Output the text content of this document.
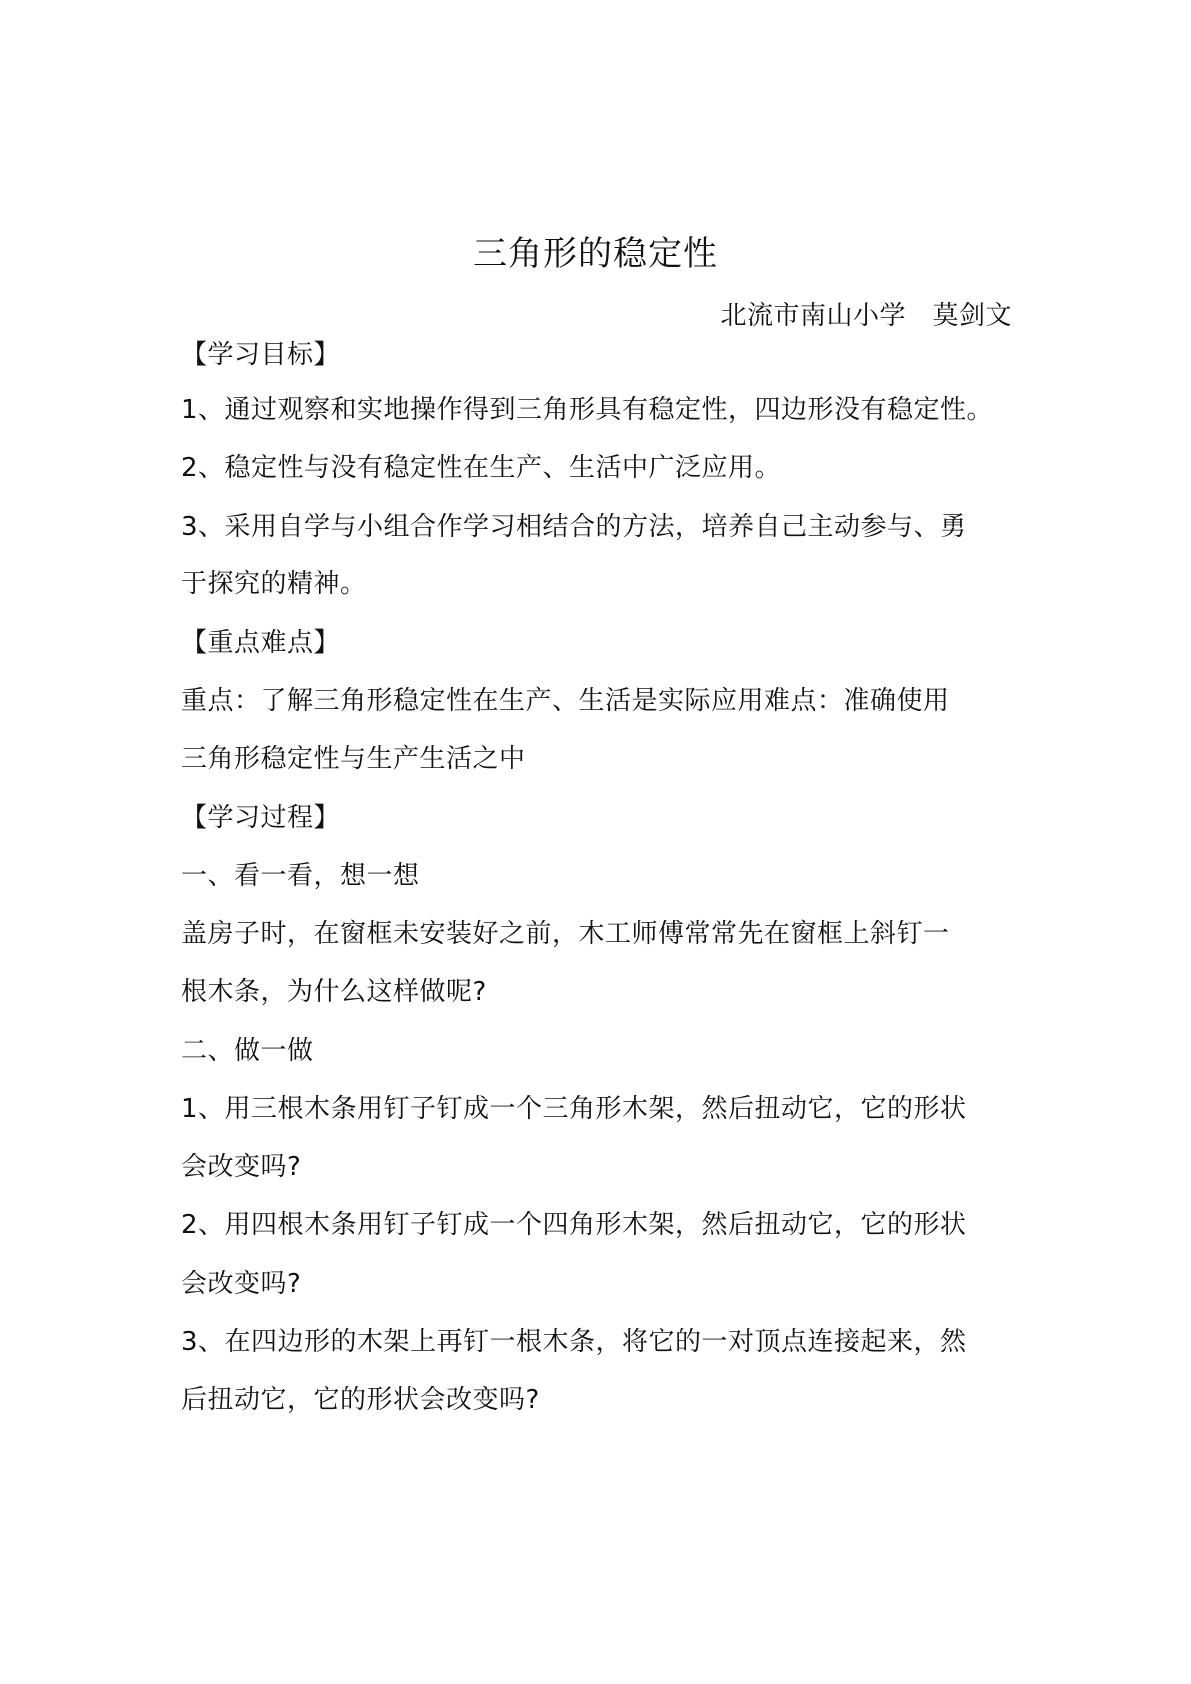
三角形的稳定性
北流市南山小学　莫剑文
【学习目标】
1、通过观察和实地操作得到三角形具有稳定性，四边形没有稳定性。
2、稳定性与没有稳定性在生产、生活中广泛应用。
3、采用自学与小组合作学习相结合的方法，培养自己主动参与、勇
于探究的精神。
【重点难点】
重点：了解三角形稳定性在生产、生活是实际应用难点：准确使用
三角形稳定性与生产生活之中
【学习过程】
一、看一看，想一想
盖房子时，在窗框未安装好之前，木工师傅常常先在窗框上斜钉一
根木条，为什么这样做呢?
二、做一做
1、用三根木条用钉子钉成一个三角形木架，然后扭动它，它的形状
会改变吗?
2、用四根木条用钉子钉成一个四角形木架，然后扭动它，它的形状
会改变吗?
3、在四边形的木架上再钉一根木条，将它的一对顶点连接起来，然
后扭动它，它的形状会改变吗?
